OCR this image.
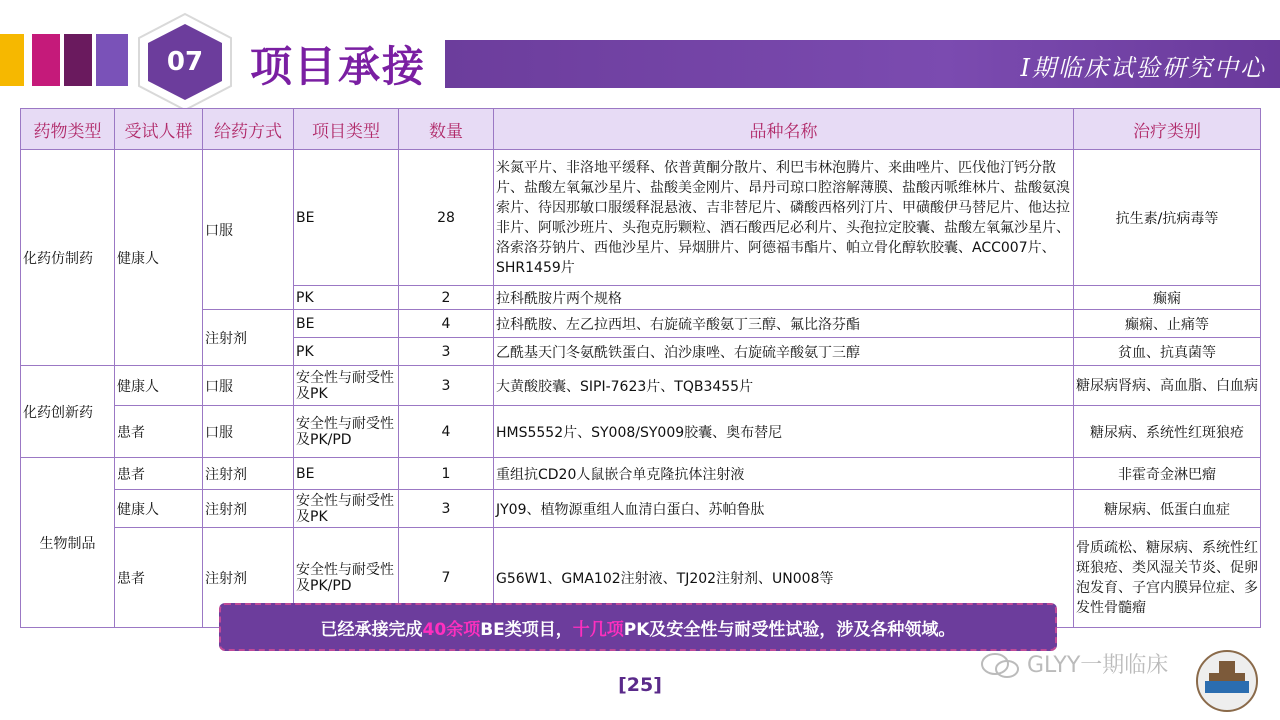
07	项目承接	I期临床试验研究中心
药物类型	受试人群	给药方式	项目类型	数量	品种名称	治疗类别
化药仿制药	健康人	口服	BE	28	米氮平片、非洛地平缓释、依普黄酮分散片、利巴韦林泡腾片、来曲唑片、匹伐他汀钙分散片、盐酸左氧氟沙星片、盐酸美金刚片、昂丹司琼口腔溶解薄膜、盐酸丙哌维林片、盐酸氨溴索片、待因那敏口服缓释混悬液、吉非替尼片、磷酸西格列汀片、甲磺酸伊马替尼片、他达拉非片、阿哌沙班片、头孢克肟颗粒、酒石酸西尼必利片、头孢拉定胶囊、盐酸左氧氟沙星片、洛索洛芬钠片、西他沙星片、异烟肼片、阿德福韦酯片、帕立骨化醇软胶囊、ACC007片、SHR1459片	抗生素/抗病毒等
			PK	2	拉科酰胺片两个规格	癫痫
		注射剂	BE	4	拉科酰胺、左乙拉西坦、右旋硫辛酸氨丁三醇、氟比洛芬酯	癫痫、止痛等
			PK	3	乙酰基天门冬氨酰铁蛋白、泊沙康唑、右旋硫辛酸氨丁三醇	贫血、抗真菌等
化药创新药	健康人	口服	安全性与耐受性及PK	3	大黄酸胶囊、SIPI-7623片、TQB3455片	糖尿病肾病、高血脂、白血病
	患者	口服	安全性与耐受性及PK/PD	4	HMS5552片、SY008/SY009胶囊、奥布替尼	糖尿病、系统性红斑狼疮
生物制品	患者	注射剂	BE	1	重组抗CD20人鼠嵌合单克隆抗体注射液	非霍奇金淋巴瘤
	健康人	注射剂	安全性与耐受性及PK	3	JY09、植物源重组人血清白蛋白、苏帕鲁肽	糖尿病、低蛋白血症
	患者	注射剂	安全性与耐受性及PK/PD	7	G56W1、GMA102注射液、TJ202注射剂、UN008等	骨质疏松、糖尿病、系统性红斑狼疮、类风湿关节炎、促卵泡发育、子宫内膜异位症、多发性骨髓瘤
已经承接完成 40余项 BE类项目， 十几项 PK及安全性与耐受性试验，涉及各种领域。
[25]
GLYY一期临床
